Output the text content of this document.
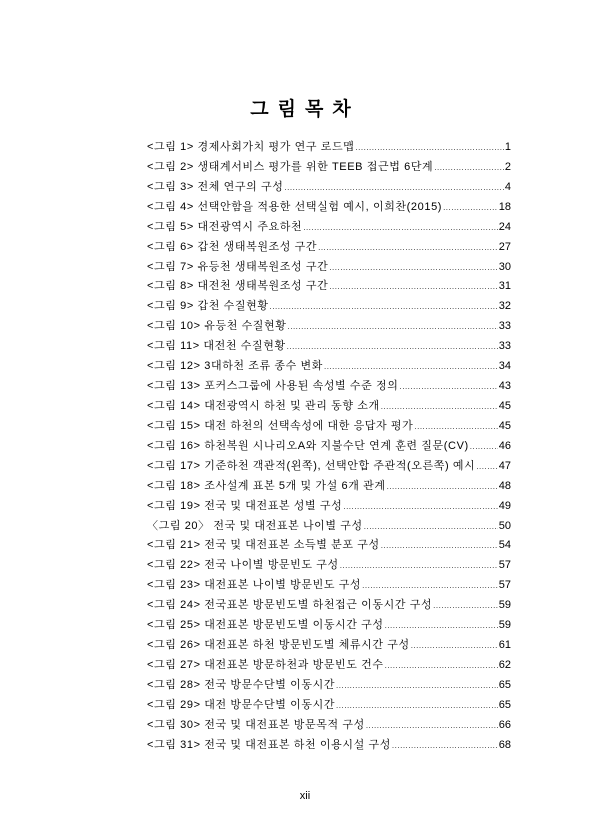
그림목차
<그림 1> 경제사회가치 평가 연구 로드맵 .....	1
<그림 2> 생태계서비스 평가를 위한 TEEB 접근법 6단계 .....	2
<그림 3> 전체 연구의 구성 .....	4
<그림 4> 선택안함을 적용한 선택실험 예시, 이희찬(2015) .....	18
<그림 5> 대전광역시 주요하천 .....	24
<그림 6> 갑천 생태복원조성 구간 .....	27
<그림 7> 유등천 생태복원조성 구간 .....	30
<그림 8> 대전천 생태복원조성 구간 .....	31
<그림 9> 갑천 수질현황 .....	32
<그림 10> 유등천 수질현황 .....	33
<그림 11> 대전천 수질현황 .....	33
<그림 12> 3대하천 조류 종수 변화 .....	34
<그림 13> 포커스그룹에 사용된 속성별 수준 정의 .....	43
<그림 14> 대전광역시 하천 및 관리 동향 소개 .....	45
<그림 15> 대전 하천의 선택속성에 대한 응답자 평가 .....	45
<그림 16> 하천복원 시나리오A와 지불수단 연계 훈련 질문(CV) .....	46
<그림 17> 기준하천 객관적(왼쪽), 선택안합 주관적(오른쪽) 예시 ..... 47
<그림 18> 조사설계 표본 5개 및 가설 6개 관계 .....	48
<그림 19> 전국 및 대전표본 성별 구성 .....	49
〈그림 20〉 전국 및 대전표본 나이별 구성 .....	50
<그림 21> 전국 및 대전표본 소득별 분포 구성 .....	54
<그림 22> 전국 나이별 방문빈도 구성 .....	57
<그림 23> 대전표본 나이별 방문빈도 구성 .....	57
<그림 24> 전국표본 방문빈도별 하천접근 이동시간 구성 .....	59
<그림 25> 대전표본 방문빈도별 이동시간 구성 .....	59
<그림 26> 대전표본 하천 방문빈도별 체류시간 구성 .....	61
<그림 27> 대전표본 방문하천과 방문빈도 건수 .....	62
<그림 28> 전국 방문수단별 이동시간 .....	65
<그림 29> 대전 방문수단별 이동시간 .....	65
<그림 30> 전국 및 대전표본 방문목적 구성 .....	66
<그림 31> 전국 및 대전표본 하천 이용시설 구성 .....	68
xii
